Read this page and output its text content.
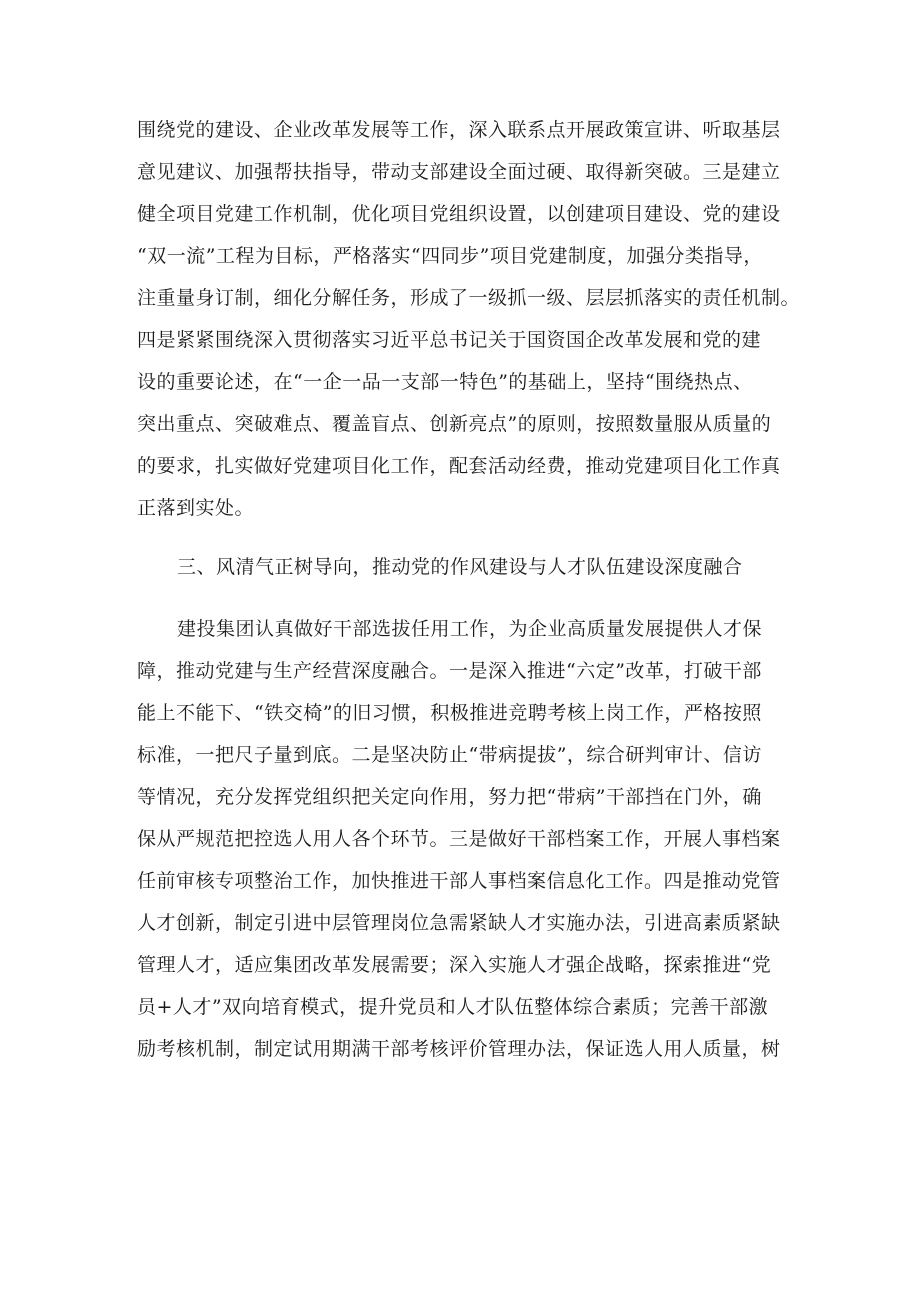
围绕党的建设、企业改革发展等工作，深入联系点开展政策宣讲、听取基层
意见建议、加强帮扶指导，带动支部建设全面过硬、取得新突破。三是建立
健全项目党建工作机制，优化项目党组织设置，以创建项目建设、党的建设
“双一流”工程为目标，严格落实“四同步”项目党建制度，加强分类指导，
注重量身订制，细化分解任务，形成了一级抓一级、层层抓落实的责任机制。
四是紧紧围绕深入贯彻落实习近平总书记关于国资国企改革发展和党的建
设的重要论述，在“一企一品一支部一特色”的基础上，坚持“围绕热点、
突出重点、突破难点、覆盖盲点、创新亮点”的原则，按照数量服从质量的
的要求，扎实做好党建项目化工作，配套活动经费，推动党建项目化工作真
正落到实处。
三、风清气正树导向，推动党的作风建设与人才队伍建设深度融合
建投集团认真做好干部选拔任用工作，为企业高质量发展提供人才保
障，推动党建与生产经营深度融合。一是深入推进“六定”改革，打破干部
能上不能下、“铁交椅”的旧习惯，积极推进竞聘考核上岗工作，严格按照
标准，一把尺子量到底。二是坚决防止“带病提拔”，综合研判审计、信访
等情况，充分发挥党组织把关定向作用，努力把“带病”干部挡在门外，确
保从严规范把控选人用人各个环节。三是做好干部档案工作，开展人事档案
任前审核专项整治工作，加快推进干部人事档案信息化工作。四是推动党管
人才创新，制定引进中层管理岗位急需紧缺人才实施办法，引进高素质紧缺
管理人才，适应集团改革发展需要；深入实施人才强企战略，探索推进“党
员+人才”双向培育模式，提升党员和人才队伍整体综合素质；完善干部激
励考核机制，制定试用期满干部考核评价管理办法，保证选人用人质量，树
